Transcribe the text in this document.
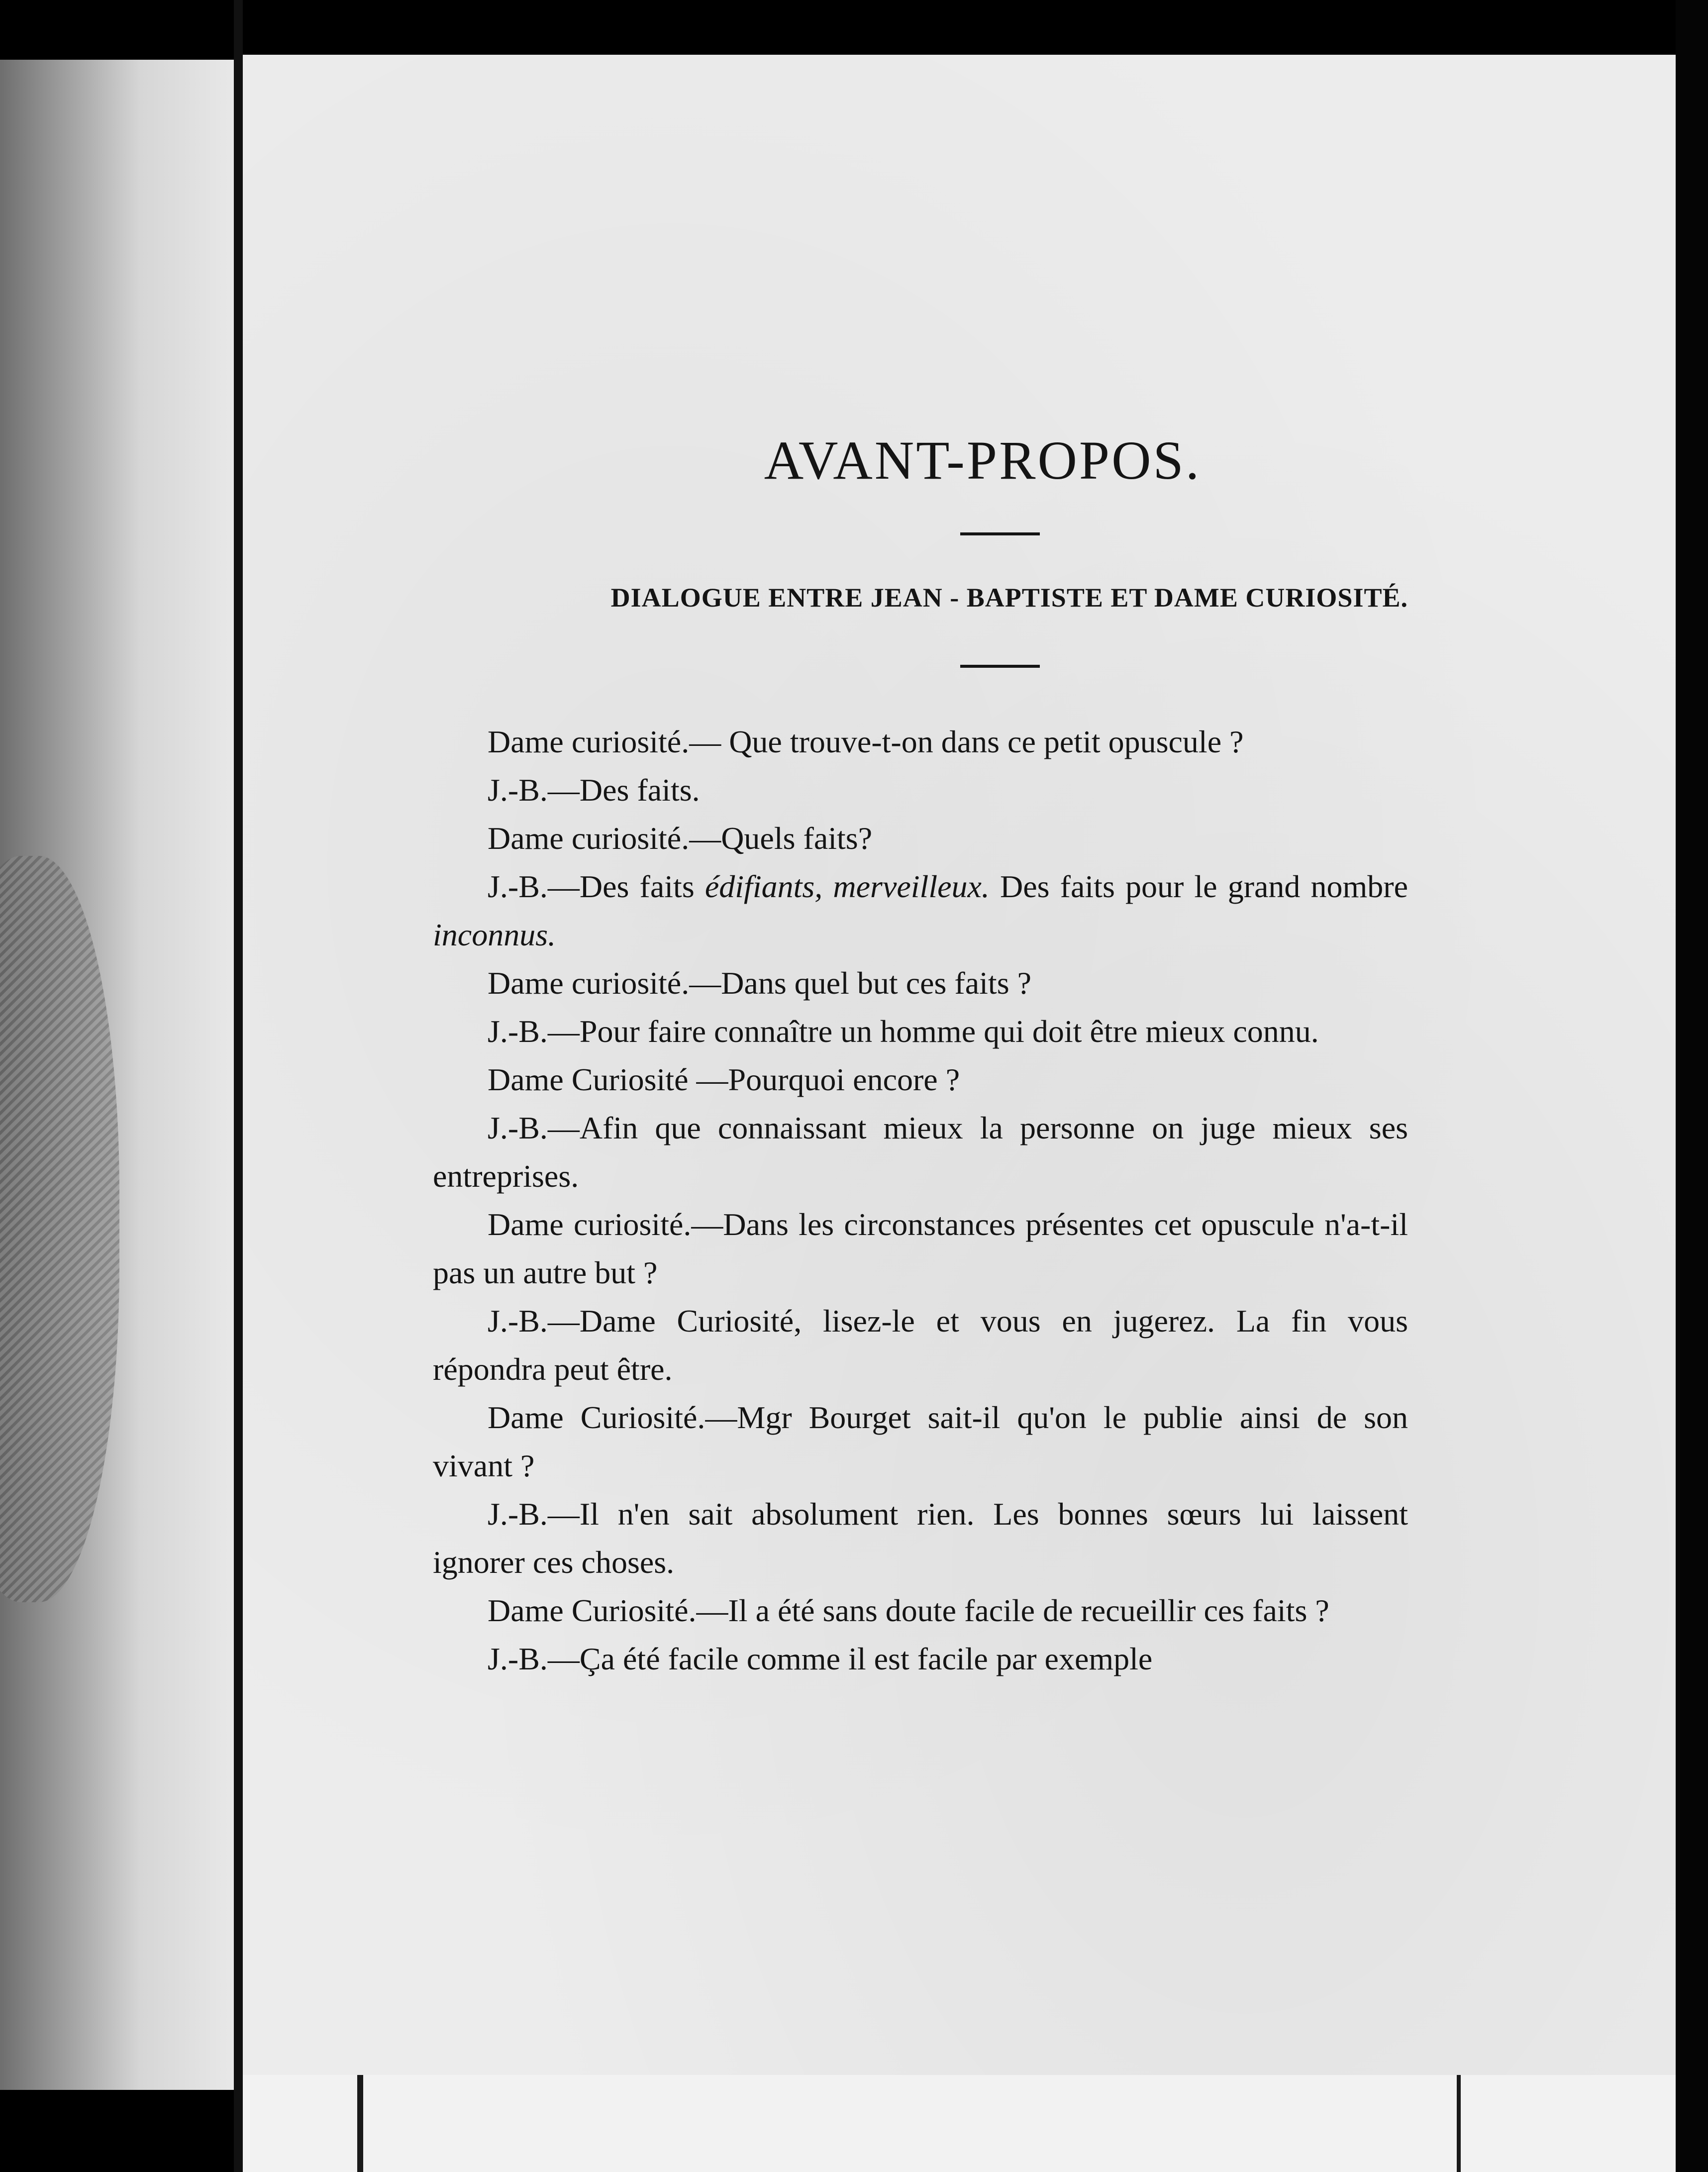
AVANT-PROPOS.

DIALOGUE ENTRE JEAN - BAPTISTE ET DAME CURIOSITÉ.

Dame curiosité.— Que trouve-t-on dans ce petit opuscule ?

J.-B.—Des faits.

Dame curiosité.—Quels faits?

J.-B.—Des faits édifiants, merveilleux. Des faits pour le grand nombre inconnus.

Dame curiosité.—Dans quel but ces faits ?

J.-B.—Pour faire connaître un homme qui doit être mieux connu.

Dame Curiosité —Pourquoi encore ?

J.-B.—Afin que connaissant mieux la personne on juge mieux ses entreprises.

Dame curiosité.—Dans les circonstances présentes cet opuscule n'a-t-il pas un autre but ?

J.-B.—Dame Curiosité, lisez-le et vous en jugerez. La fin vous répondra peut être.

Dame Curiosité.—Mgr Bourget sait-il qu'on le publie ainsi de son vivant ?

J.-B.—Il n'en sait absolument rien. Les bonnes sœurs lui laissent ignorer ces choses.

Dame Curiosité.—Il a été sans doute facile de recueillir ces faits ?

J.-B.—Ça été facile comme il est facile par exemple
